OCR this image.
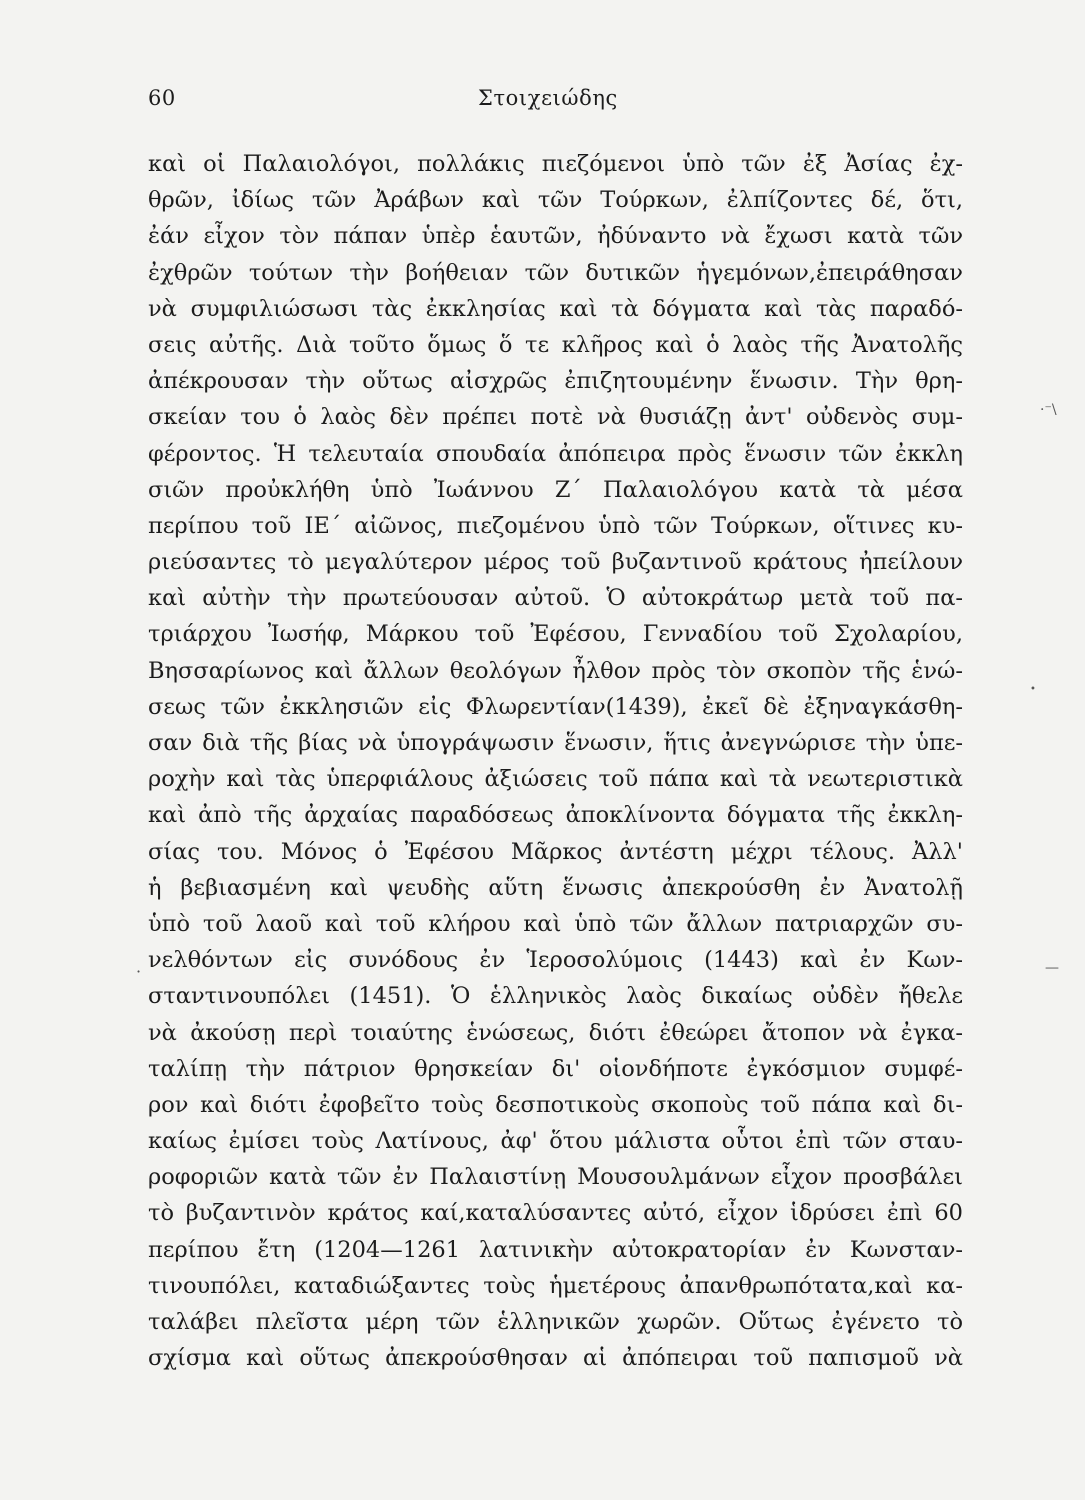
60	Στοιχειώδης
καὶ οἱ Παλαιολόγοι, πολλάκις πιεζόμενοι ὑπὸ τῶν ἐξ Ἀσίας ἐχ-
θρῶν, ἰδίως τῶν Ἀράβων καὶ τῶν Τούρκων, ἐλπίζοντες δέ, ὅτι,
ἐάν εἶχον τὸν πάπαν ὑπὲρ ἑαυτῶν, ἠδύναντο νὰ ἔχωσι κατὰ τῶν
ἐχθρῶν τούτων τὴν βοήθειαν τῶν δυτικῶν ἡγεμόνων,ἐπειράθησαν
νὰ συμφιλιώσωσι τὰς ἐκκλησίας καὶ τὰ δόγματα καὶ τὰς παραδό-
σεις αὐτῆς. Διὰ τοῦτο ὅμως ὅ τε κλῆρος καὶ ὁ λαὸς τῆς Ἀνατολῆς
ἀπέκρουσαν τὴν οὕτως αἰσχρῶς ἐπιζητουμένην ἕνωσιν. Τὴν θρη-
σκείαν του ὁ λαὸς δὲν πρέπει ποτὲ νὰ θυσιάζῃ ἀντ' οὐδενὸς συμ-
φέροντος. Ἡ τελευταία σπουδαία ἀπόπειρα πρὸς ἕνωσιν τῶν ἐκκλη
σιῶν προὐκλήθη ὑπὸ Ἰωάννου Ζ΄ Παλαιολόγου κατὰ τὰ μέσα
περίπου τοῦ ΙΕ΄ αἰῶνος, πιεζομένου ὑπὸ τῶν Τούρκων, οἵτινες κυ-
ριεύσαντες τὸ μεγαλύτερον μέρος τοῦ βυζαντινοῦ κράτους ἠπείλουν
καὶ αὐτὴν τὴν πρωτεύουσαν αὐτοῦ. Ὁ αὐτοκράτωρ μετὰ τοῦ πα-
τριάρχου Ἰωσήφ, Μάρκου τοῦ Ἐφέσου, Γενναδίου τοῦ Σχολαρίου,
Βησσαρίωνος καὶ ἄλλων θεολόγων ἦλθον πρὸς τὸν σκοπὸν τῆς ἑνώ-
σεως τῶν ἐκκλησιῶν εἰς Φλωρεντίαν(1439), ἐκεῖ δὲ ἐξηναγκάσθη-
σαν διὰ τῆς βίας νὰ ὑπογράψωσιν ἕνωσιν, ἥτις ἀνεγνώρισε τὴν ὑπε-
ροχὴν καὶ τὰς ὑπερφιάλους ἀξιώσεις τοῦ πάπα καὶ τὰ νεωτεριστικὰ
καὶ ἀπὸ τῆς ἀρχαίας παραδόσεως ἀποκλίνοντα δόγματα τῆς ἐκκλη-
σίας του. Μόνος ὁ Ἐφέσου Μᾶρκος ἀντέστη μέχρι τέλους. Ἀλλ'
ἡ βεβιασμένη καὶ ψευδὴς αὕτη ἕνωσις ἀπεκρούσθη ἐν Ἀνατολῇ
ὑπὸ τοῦ λαοῦ καὶ τοῦ κλήρου καὶ ὑπὸ τῶν ἄλλων πατριαρχῶν συ-
νελθόντων εἰς συνόδους ἐν Ἱεροσολύμοις (1443) καὶ ἐν Κων-
σταντινουπόλει (1451). Ὁ ἑλληνικὸς λαὸς δικαίως οὐδὲν ἤθελε
νὰ ἀκούσῃ περὶ τοιαύτης ἑνώσεως, διότι ἐθεώρει ἄτοπον νὰ ἐγκα-
ταλίπῃ τὴν πάτριον θρησκείαν δι' οἱονδήποτε ἐγκόσμιον συμφέ-
ρον καὶ διότι ἐφοβεῖτο τοὺς δεσποτικοὺς σκοποὺς τοῦ πάπα καὶ δι-
καίως ἐμίσει τοὺς Λατίνους, ἀφ' ὅτου μάλιστα οὗτοι ἐπὶ τῶν σταυ-
ροφοριῶν κατὰ τῶν ἐν Παλαιστίνῃ Μουσουλμάνων εἶχον προσβάλει
τὸ βυζαντινὸν κράτος καί,καταλύσαντες αὐτό, εἶχον ἱδρύσει ἐπὶ 60
περίπου ἔτη (1204—1261 λατινικὴν αὐτοκρατορίαν ἐν Κωνσταν-
τινουπόλει, καταδιώξαντες τοὺς ἡμετέρους ἀπανθρωπότατα,καὶ κα-
ταλάβει πλεῖστα μέρη τῶν ἑλληνικῶν χωρῶν. Οὕτως ἐγένετο τὸ
σχίσμα καὶ οὕτως ἀπεκρούσθησαν αἱ ἀπόπειραι τοῦ παπισμοῦ νὰ
·⁻\
—
•
·
